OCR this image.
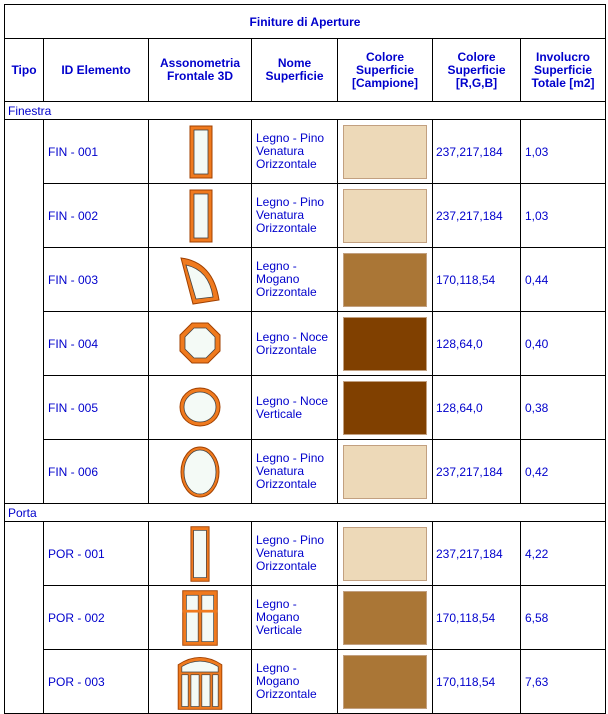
Finiture di Aperture						
Tipo	ID Elemento	Assonometria Frontale 3D	Nome Superficie	Colore Superficie [Campione]	Colore Superficie [R,G,B]	Involucro Superficie Totale [m2]
Finestra						
	FIN - 001		Legno - Pino Venatura Orizzontale		237,217,184	1,03
	FIN - 002		Legno - Pino Venatura Orizzontale		237,217,184	1,03
	FIN - 003		Legno - Mogano Orizzontale		170,118,54	0,44
	FIN - 004		Legno - Noce Orizzontale		128,64,0	0,40
	FIN - 005		Legno - Noce Verticale		128,64,0	0,38
	FIN - 006		Legno - Pino Venatura Orizzontale		237,217,184	0,42
Porta						
	POR - 001		Legno - Pino Venatura Orizzontale		237,217,184	4,22
	POR - 002		Legno - Mogano Verticale		170,118,54	6,58
	POR - 003		Legno - Mogano Orizzontale		170,118,54	7,63
